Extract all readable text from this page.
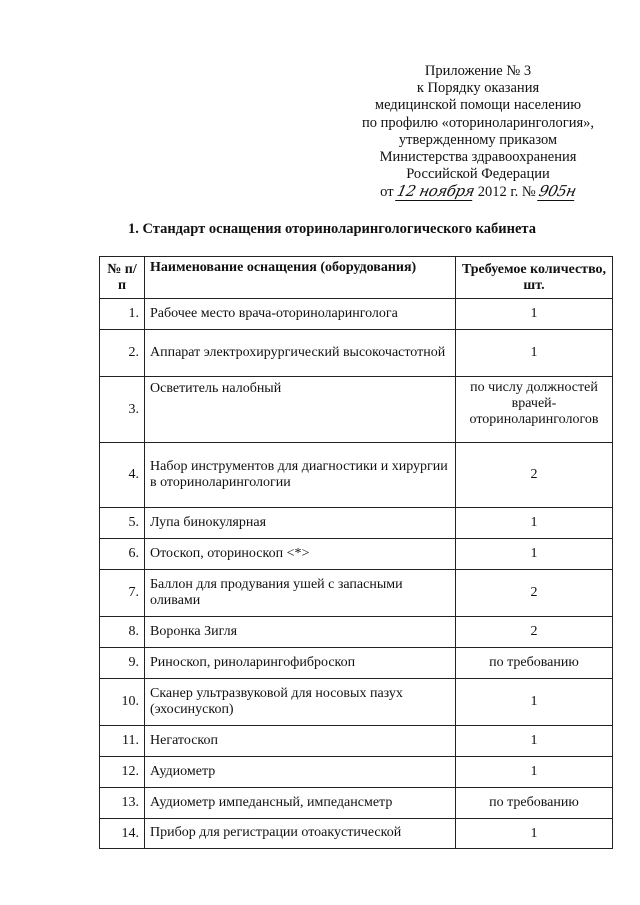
Приложение № 3
к Порядку оказания
медицинской помощи населению
по профилю «оториноларингология»,
утвержденному приказом
Министерства здравоохранения
Российской Федерации
от 12 ноября 2012 г. № 905н
1. Стандарт оснащения оториноларингологического кабинета
№ п/п	Наименование оснащения (оборудования)	Требуемое количество, шт.
1.	Рабочее место врача-оториноларинголога	1
2.	Аппарат электрохирургический высокочастотной	1
3.	Осветитель налобный	по числу должностей врачей-оториноларингологов
4.	Набор инструментов для диагностики и хирургии в оториноларингологии	2
5.	Лупа бинокулярная	1
6.	Отоскоп, оториноскоп <*>	1
7.	Баллон для продувания ушей с запасными оливами	2
8.	Воронка Зигля	2
9.	Риноскоп, риноларингофиброскоп	по требованию
10.	Сканер ультразвуковой для носовых пазух (эхосинускоп)	1
11.	Негатоскоп	1
12.	Аудиометр	1
13.	Аудиометр импедансный, импедансметр	по требованию
14.	Прибор для регистрации отоакустической	1
